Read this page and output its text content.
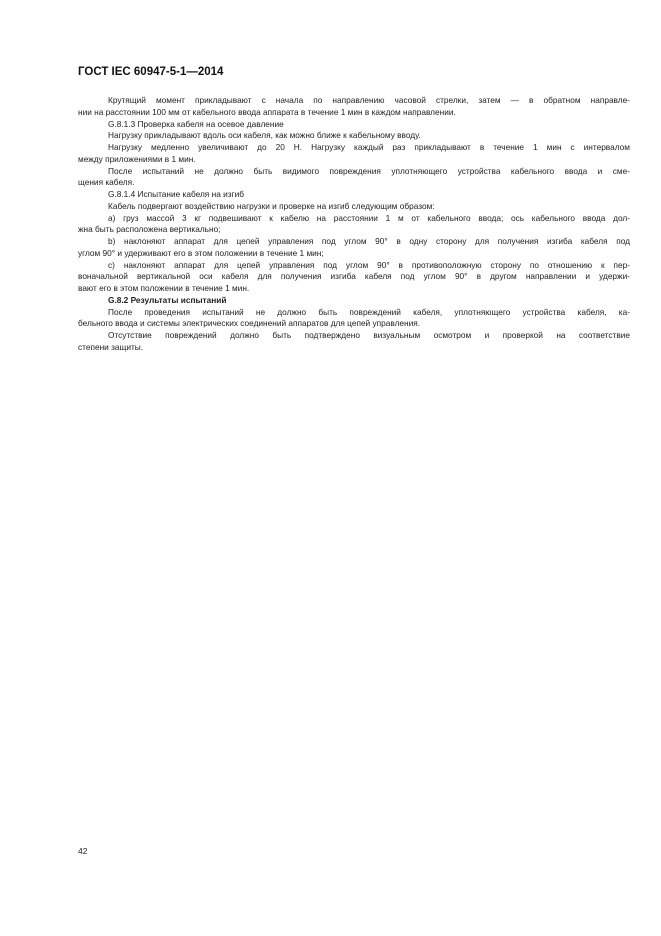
ГОСТ IEC 60947-5-1—2014
Крутящий момент прикладывают с начала по направлению часовой стрелки, затем — в обратном направле-
нии на расстоянии 100 мм от кабельного ввода аппарата в течение 1 мин в каждом направлении.
G.8.1.3 Проверка кабеля на осевое давление
Нагрузку прикладывают вдоль оси кабеля, как можно ближе к кабельному вводу.
Нагрузку медленно увеличивают до 20 Н. Нагрузку каждый раз прикладывают в течение 1 мин с интервалом
между приложениями в 1 мин.
После испытаний не должно быть видимого повреждения уплотняющего устройства кабельного ввода и сме-
щения кабеля.
G.8.1.4 Испытание кабеля на изгиб
Кабель подвергают воздействию нагрузки и проверке на изгиб следующим образом:
a) груз массой 3 кг подвешивают к кабелю на расстоянии 1 м от кабельного ввода; ось кабельного ввода дол-
жна быть расположена вертикально;
b) наклоняют аппарат для цепей управления под углом 90° в одну сторону для получения изгиба кабеля под
углом 90° и удерживают его в этом положении в течение 1 мин;
c) наклоняют аппарат для цепей управления под углом 90° в противоположную сторону по отношению к пер-
воначальной вертикальной оси кабеля для получения изгиба кабеля под углом 90° в другом направлении и удержи-
вают его в этом положении в течение 1 мин.
G.8.2 Результаты испытаний
После проведения испытаний не должно быть повреждений кабеля, уплотняющего устройства кабеля, ка-
бельного ввода и системы электрических соединений аппаратов для цепей управления.
Отсутствие повреждений должно быть подтверждено визуальным осмотром и проверкой на соответствие
степени защиты.
42
